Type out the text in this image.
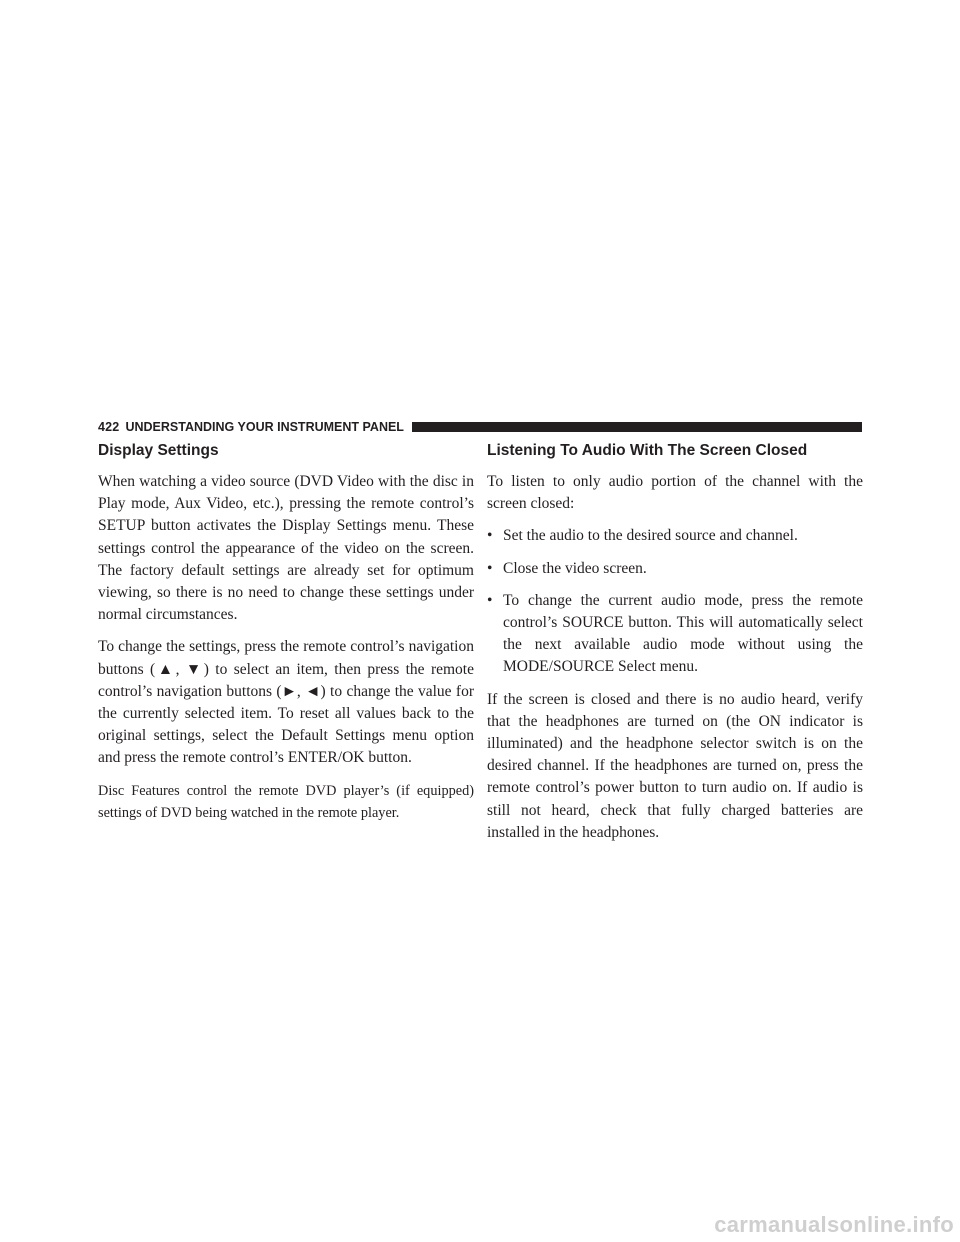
422 UNDERSTANDING YOUR INSTRUMENT PANEL
Display Settings

When watching a video source (DVD Video with the disc in Play mode, Aux Video, etc.), pressing the remote control’s SETUP button activates the Display Settings menu. These settings control the appearance of the video on the screen. The factory default settings are already set for optimum viewing, so there is no need to change these settings under normal circumstances.

To change the settings, press the remote control’s navigation buttons (▲, ▼) to select an item, then press the remote control’s navigation buttons (►, ◄) to change the value for the currently selected item. To reset all values back to the original settings, select the Default Settings menu option and press the remote control’s ENTER/OK button.

Disc Features control the remote DVD player’s (if equipped) settings of DVD being watched in the remote player.

Listening To Audio With The Screen Closed

To listen to only audio portion of the channel with the screen closed:

• Set the audio to the desired source and channel.
• Close the video screen.
• To change the current audio mode, press the remote control’s SOURCE button. This will automatically select the next available audio mode without using the MODE/SOURCE Select menu.

If the screen is closed and there is no audio heard, verify that the headphones are turned on (the ON indicator is illuminated) and the headphone selector switch is on the desired channel. If the headphones are turned on, press the remote control’s power button to turn audio on. If audio is still not heard, check that fully charged batteries are installed in the headphones.

carmanualsonline.info
